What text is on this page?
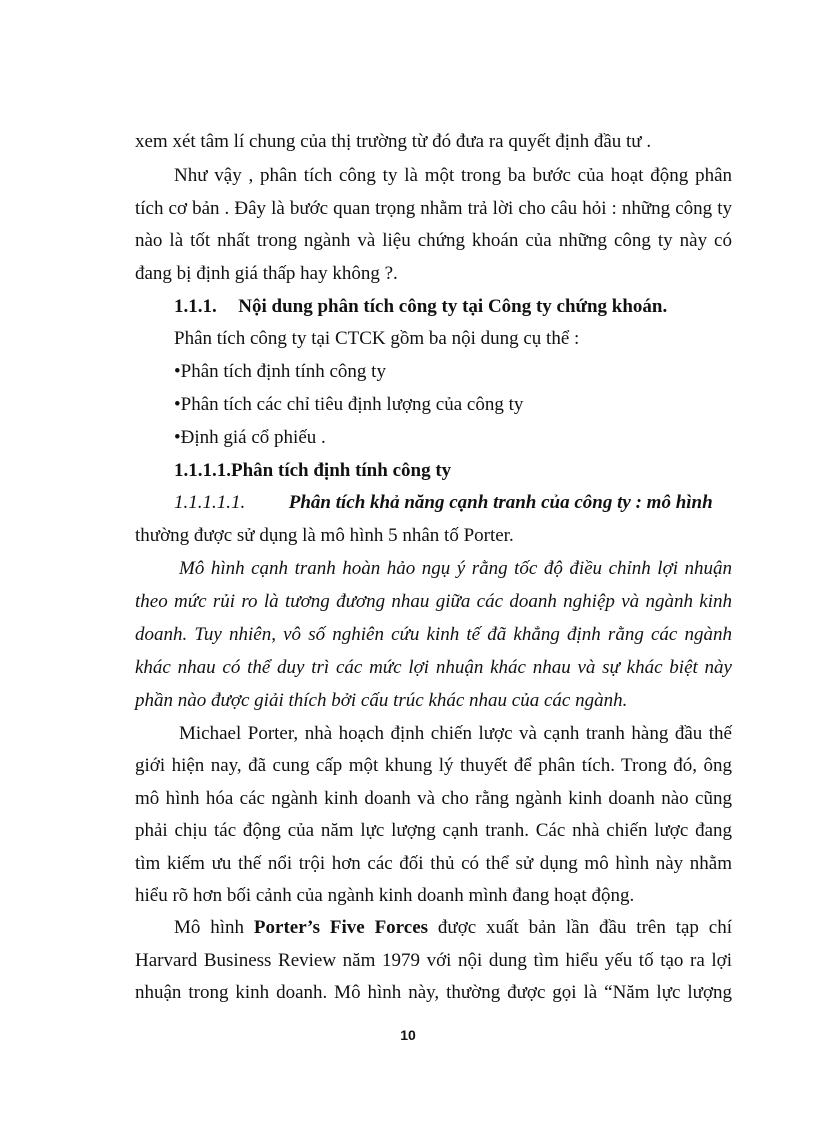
xem xét tâm lí chung của thị trường từ đó đưa ra quyết định đầu tư .
Như vậy , phân tích công ty là một trong ba bước của hoạt động phân
tích cơ bản . Đây là bước quan trọng nhằm trả lời cho câu hỏi : những công ty
nào là tốt nhất trong ngành và liệu chứng khoán của những công ty này có
đang bị định giá thấp hay không ?.
1.1.1. Nội dung phân tích công ty tại Công ty chứng khoán.
Phân tích công ty tại CTCK gồm ba nội dung cụ thể :
•Phân tích định tính công ty
•Phân tích các chỉ tiêu định lượng của công ty
•Định giá cổ phiếu .
1.1.1.1.Phân tích định tính công ty
1.1.1.1.1. Phân tích khả năng cạnh tranh của công ty : mô hình
thường được sử dụng là mô hình 5 nhân tố Porter.
Mô hình cạnh tranh hoàn hảo ngụ ý rằng tốc độ điều chỉnh lợi nhuận
theo mức rủi ro là tương đương nhau giữa các doanh nghiệp và ngành kinh
doanh. Tuy nhiên, vô số nghiên cứu kinh tế đã khẳng định rằng các ngành
khác nhau có thể duy trì các mức lợi nhuận khác nhau và sự khác biệt này
phần nào được giải thích bởi cấu trúc khác nhau của các ngành.
Michael Porter, nhà hoạch định chiến lược và cạnh tranh hàng đầu thế
giới hiện nay, đã cung cấp một khung lý thuyết để phân tích. Trong đó, ông
mô hình hóa các ngành kinh doanh và cho rằng ngành kinh doanh nào cũng
phải chịu tác động của năm lực lượng cạnh tranh. Các nhà chiến lược đang
tìm kiếm ưu thế nổi trội hơn các đối thủ có thể sử dụng mô hình này nhằm
hiểu rõ hơn bối cảnh của ngành kinh doanh mình đang hoạt động.
Mô hình Porter’s Five Forces được xuất bản lần đầu trên tạp chí
Harvard Business Review năm 1979 với nội dung tìm hiểu yếu tố tạo ra lợi
nhuận trong kinh doanh. Mô hình này, thường được gọi là “Năm lực lượng
10
